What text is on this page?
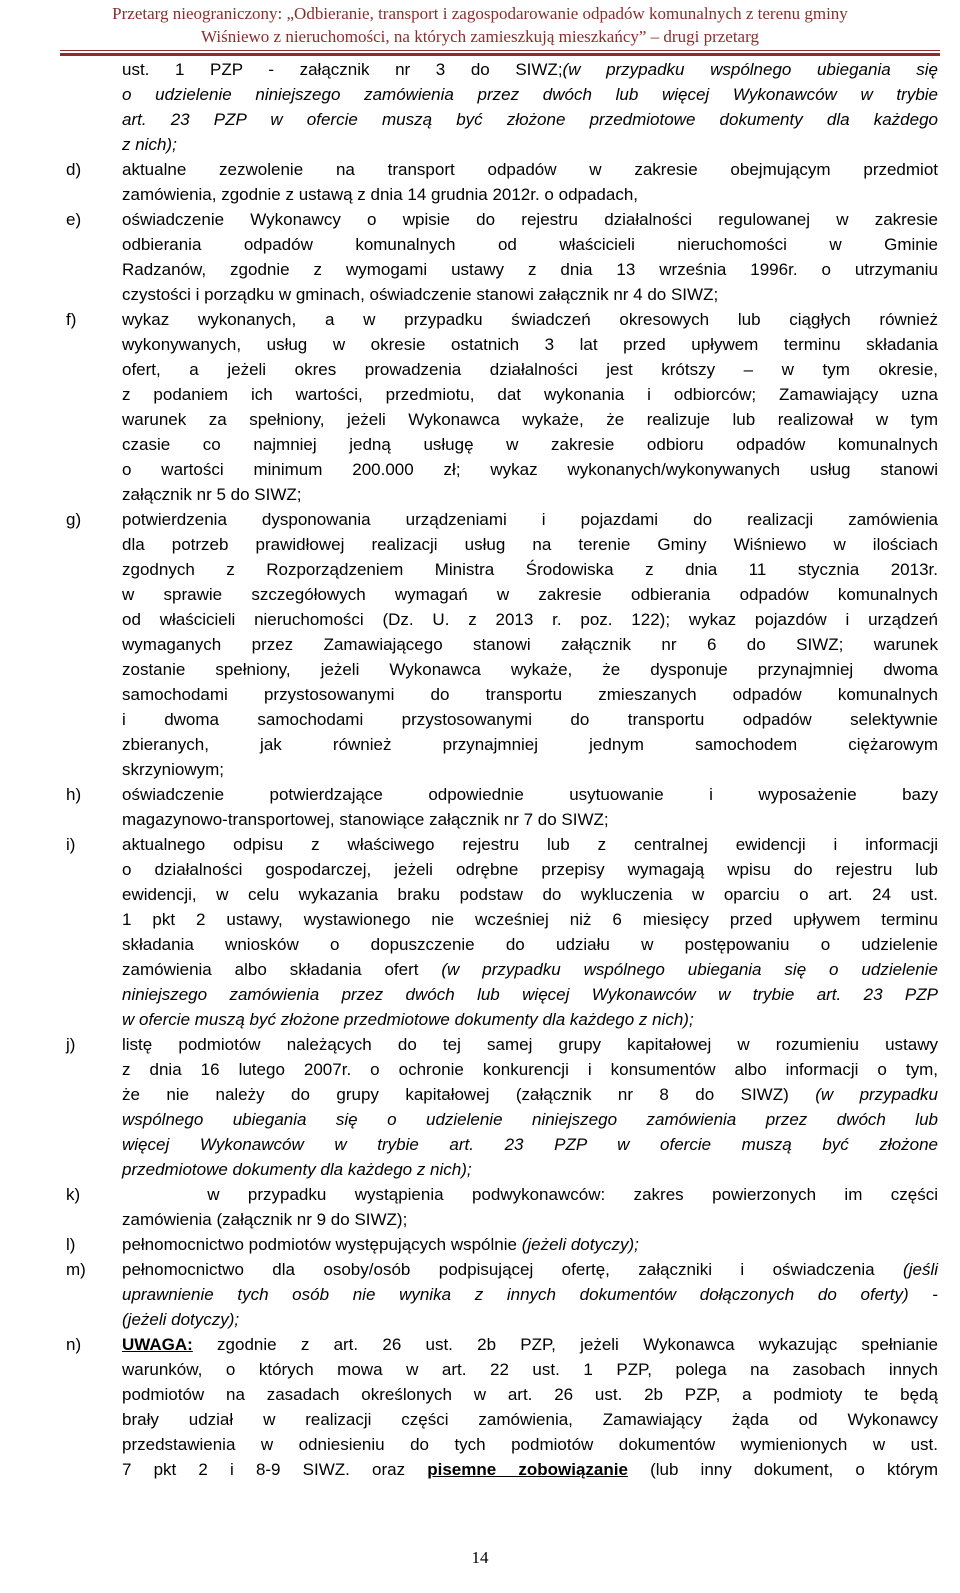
Przetarg nieograniczony: „Odbieranie, transport i zagospodarowanie odpadów komunalnych z terenu gminy
Wiśniewo z nieruchomości, na których zamieszkują mieszkańcy” – drugi przetarg
ust. 1 PZP - załącznik nr 3 do SIWZ;(w przypadku wspólnego ubiegania się
o udzielenie niniejszego zamówienia przez dwóch lub więcej Wykonawców w trybie
art. 23 PZP w ofercie muszą być złożone przedmiotowe dokumenty dla każdego
z nich);
d) aktualne zezwolenie na transport odpadów w zakresie obejmującym przedmiot
zamówienia, zgodnie z ustawą z dnia 14 grudnia 2012r. o odpadach,
e) oświadczenie Wykonawcy o wpisie do rejestru działalności regulowanej w zakresie
odbierania odpadów komunalnych od właścicieli nieruchomości w Gminie
Radzanów, zgodnie z wymogami ustawy z dnia 13 września 1996r. o utrzymaniu
czystości i porządku w gminach, oświadczenie stanowi załącznik nr 4 do SIWZ;
f)	wykaz wykonanych, a w przypadku świadczeń okresowych lub ciągłych również
wykonywanych, usług w okresie ostatnich 3 lat przed upływem terminu składania
ofert, a jeżeli okres prowadzenia działalności jest krótszy – w tym okresie,
z podaniem ich wartości, przedmiotu, dat wykonania i odbiorców; Zamawiający uzna
warunek za spełniony, jeżeli Wykonawca wykaże, że realizuje lub realizował w tym
czasie co najmniej jedną usługę w zakresie odbioru odpadów komunalnych
o wartości minimum 200.000 zł; wykaz wykonanych/wykonywanych usług stanowi
załącznik nr 5 do SIWZ;
g) potwierdzenia dysponowania urządzeniami i pojazdami do realizacji zamówienia
dla potrzeb prawidłowej realizacji usług na terenie Gminy Wiśniewo w ilościach
zgodnych z Rozporządzeniem Ministra Środowiska z dnia 11 stycznia 2013r.
w sprawie szczegółowych wymagań w zakresie odbierania odpadów komunalnych
od właścicieli nieruchomości (Dz. U. z 2013 r. poz. 122); wykaz pojazdów i urządzeń
wymaganych przez Zamawiającego stanowi załącznik nr 6 do SIWZ; warunek
zostanie spełniony, jeżeli Wykonawca wykaże, że dysponuje przynajmniej dwoma
samochodami przystosowanymi do transportu zmieszanych odpadów komunalnych
i dwoma samochodami przystosowanymi do transportu odpadów selektywnie
zbieranych, jak również przynajmniej jednym samochodem ciężarowym
skrzyniowym;
h) oświadczenie potwierdzające odpowiednie usytuowanie i wyposażenie bazy
magazynowo-transportowej, stanowiące załącznik nr 7 do SIWZ;
i)	aktualnego odpisu z właściwego rejestru lub z centralnej ewidencji i informacji
o działalności gospodarczej, jeżeli odrębne przepisy wymagają wpisu do rejestru lub
ewidencji, w celu wykazania braku podstaw do wykluczenia w oparciu o art. 24 ust.
1 pkt 2 ustawy, wystawionego nie wcześniej niż 6 miesięcy przed upływem terminu
składania wniosków o dopuszczenie do udziału w postępowaniu o udzielenie
zamówienia albo składania ofert (w przypadku wspólnego ubiegania się o udzielenie
niniejszego zamówienia przez dwóch lub więcej Wykonawców w trybie art. 23 PZP
w ofercie muszą być złożone przedmiotowe dokumenty dla każdego z nich);
j)	listę podmiotów należących do tej samej grupy kapitałowej w rozumieniu ustawy
z dnia 16 lutego 2007r. o ochronie konkurencji i konsumentów albo informacji o tym,
że nie należy do grupy kapitałowej (załącznik nr 8 do SIWZ) (w przypadku
wspólnego ubiegania się o udzielenie niniejszego zamówienia przez dwóch lub
więcej Wykonawców w trybie art. 23 PZP w ofercie muszą być złożone
przedmiotowe dokumenty dla każdego z nich);
k) w przypadku wystąpienia podwykonawców: zakres powierzonych im części
zamówienia (załącznik nr 9 do SIWZ);
l)	pełnomocnictwo podmiotów występujących wspólnie (jeżeli dotyczy);
m) pełnomocnictwo dla osoby/osób podpisującej ofertę, załączniki i oświadczenia (jeśli
uprawnienie tych osób nie wynika z innych dokumentów dołączonych do oferty) -
(jeżeli dotyczy);
n) UWAGA: zgodnie z art. 26 ust. 2b PZP, jeżeli Wykonawca wykazując spełnianie
warunków, o których mowa w art. 22 ust. 1 PZP, polega na zasobach innych
podmiotów na zasadach określonych w art. 26 ust. 2b PZP, a podmioty te będą
brały udział w realizacji części zamówienia, Zamawiający żąda od Wykonawcy
przedstawienia w odniesieniu do tych podmiotów dokumentów wymienionych w ust.
7 pkt 2 i 8-9 SIWZ. oraz pisemne zobowiązanie (lub inny dokument, o którym
14
